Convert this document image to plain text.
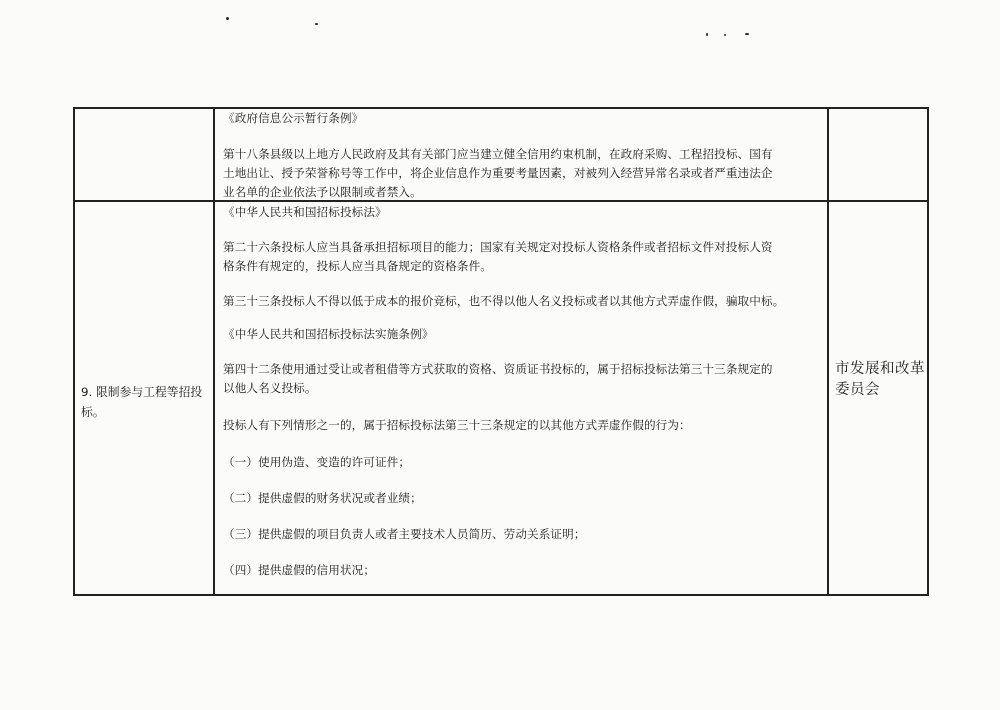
《政府信息公示暂行条例》
第十八条县级以上地方人民政府及其有关部门应当建立健全信用约束机制，在政府采购、工程招投标、国有
土地出让、授予荣誉称号等工作中，将企业信息作为重要考量因素，对被列入经营异常名录或者严重违法企
业名单的企业依法予以限制或者禁入。
9. 限制参与工程等招投标。
《中华人民共和国招标投标法》
第二十六条投标人应当具备承担招标项目的能力；国家有关规定对投标人资格条件或者招标文件对投标人资
格条件有规定的，投标人应当具备规定的资格条件。
第三十三条投标人不得以低于成本的报价竞标，也不得以他人名义投标或者以其他方式弄虚作假，骗取中标。
《中华人民共和国招标投标法实施条例》
第四十二条使用通过受让或者租借等方式获取的资格、资质证书投标的，属于招标投标法第三十三条规定的
以他人名义投标。
投标人有下列情形之一的，属于招标投标法第三十三条规定的以其他方式弄虚作假的行为：
（一）使用伪造、变造的许可证件；
（二）提供虚假的财务状况或者业绩；
（三）提供虚假的项目负责人或者主要技术人员简历、劳动关系证明；
（四）提供虚假的信用状况；
市发展和改革委员会
